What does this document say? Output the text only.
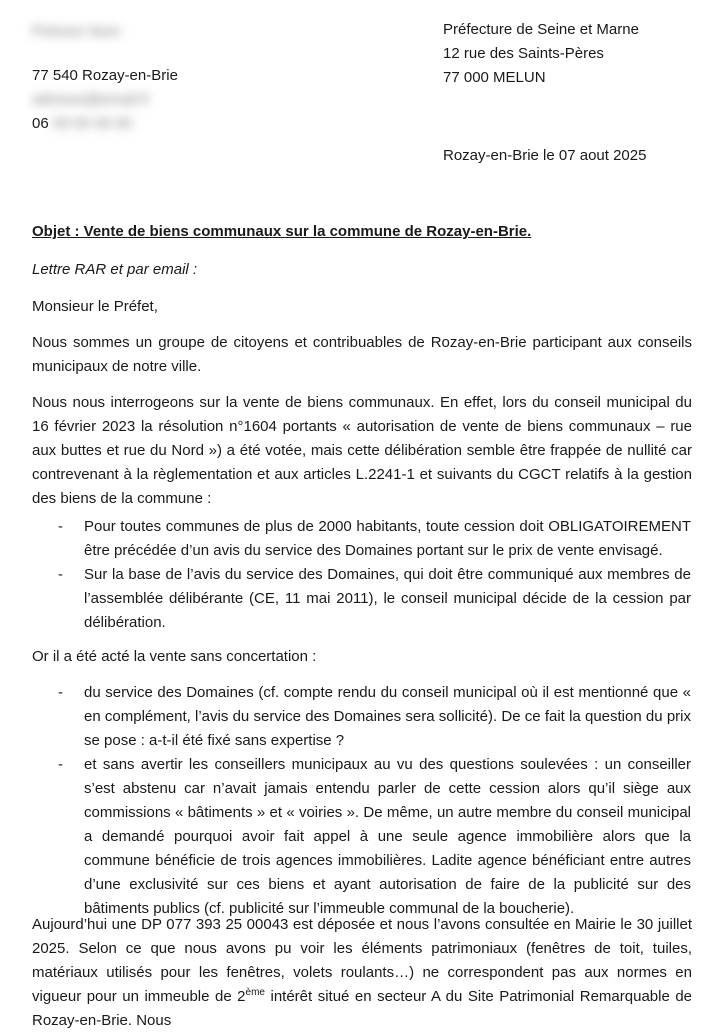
Prénom Nom
77 540 Rozay-en-Brie
adresse@email.fr
06 00 00 00 00
Préfecture de Seine et Marne
12 rue des Saints-Pères
77 000 MELUN
Rozay-en-Brie le 07 aout 2025
Objet : Vente de biens communaux sur la commune de Rozay-en-Brie.
Lettre RAR et par email :
Monsieur le Préfet,
Nous sommes un groupe de citoyens et contribuables de Rozay-en-Brie participant aux conseils municipaux de notre ville.
Nous nous interrogeons sur la vente de biens communaux. En effet, lors du conseil municipal du 16 février 2023 la résolution n°1604 portants « autorisation de vente de biens communaux – rue aux buttes et rue du Nord ») a été votée, mais cette délibération semble être frappée de nullité car contrevenant à la règlementation et aux articles L.2241-1 et suivants du CGCT relatifs à la gestion des biens de la commune :
- Pour toutes communes de plus de 2000 habitants, toute cession doit OBLIGATOIREMENT être précédée d’un avis du service des Domaines portant sur le prix de vente envisagé.
- Sur la base de l’avis du service des Domaines, qui doit être communiqué aux membres de l’assemblée délibérante (CE, 11 mai 2011), le conseil municipal décide de la cession par délibération.
Or il a été acté la vente sans concertation :
- du service des Domaines (cf. compte rendu du conseil municipal où il est mentionné que « en complément, l’avis du service des Domaines sera sollicité). De ce fait la question du prix se pose : a-t-il été fixé sans expertise ?
- et sans avertir les conseillers municipaux au vu des questions soulevées : un conseiller s’est abstenu car n’avait jamais entendu parler de cette cession alors qu’il siège aux commissions « bâtiments » et « voiries ». De même, un autre membre du conseil municipal a demandé pourquoi avoir fait appel à une seule agence immobilière alors que la commune bénéficie de trois agences immobilières. Ladite agence bénéficiant entre autres d’une exclusivité sur ces biens et ayant autorisation de faire de la publicité sur des bâtiments publics (cf. publicité sur l’immeuble communal de la boucherie).
Aujourd’hui une DP 077 393 25 00043 est déposée et nous l’avons consultée en Mairie le 30 juillet 2025. Selon ce que nous avons pu voir les éléments patrimoniaux (fenêtres de toit, tuiles, matériaux utilisés pour les fenêtres, volets roulants…) ne correspondent pas aux normes en vigueur pour un immeuble de 2ème intérêt situé en secteur A du Site Patrimonial Remarquable de Rozay-en-Brie. Nous
